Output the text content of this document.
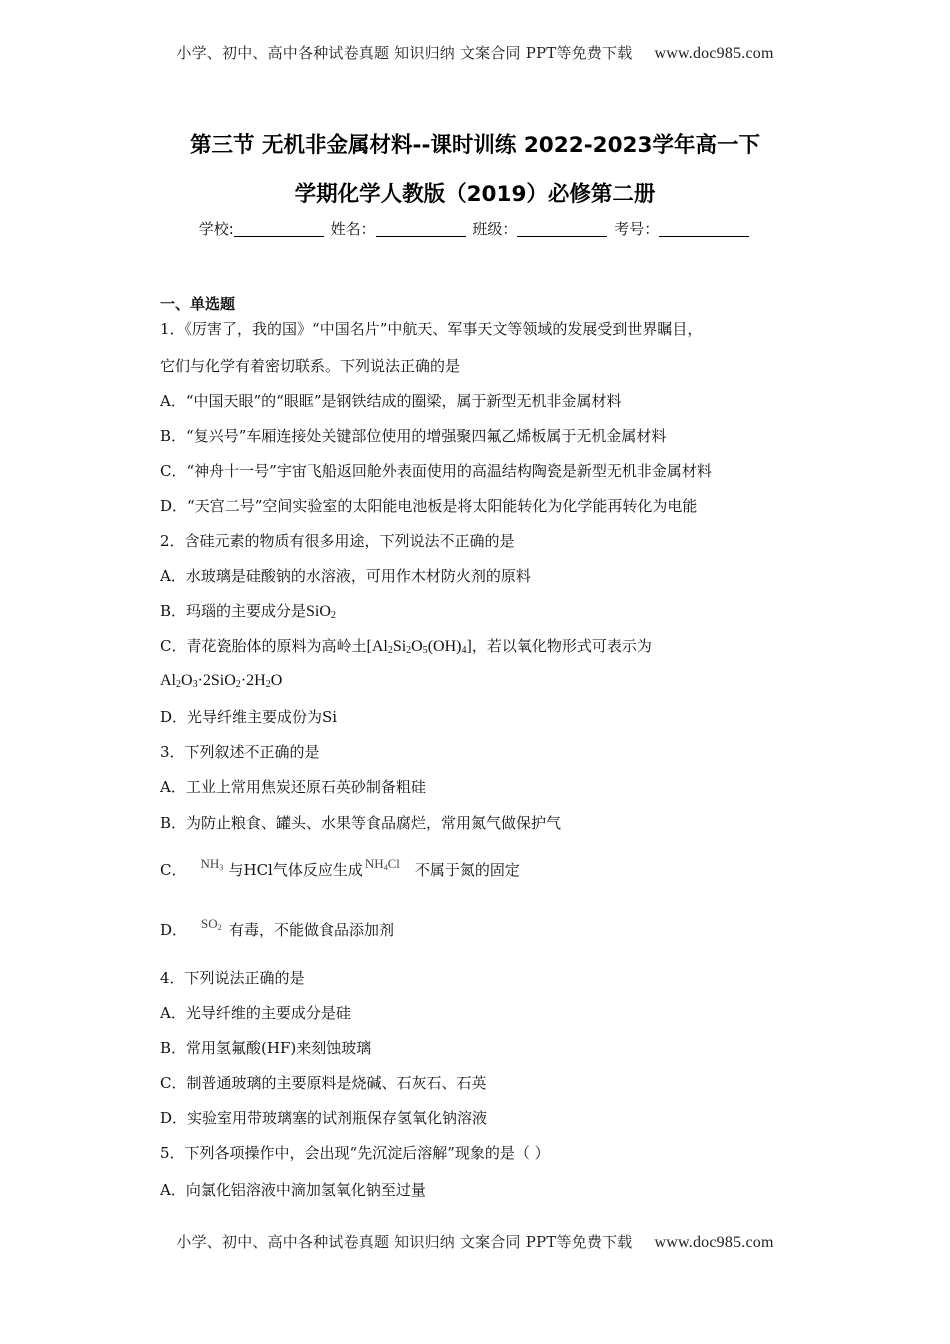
小学、初中、高中各种试卷真题 知识归纳 文案合同 PPT等免费下载 www.doc985.com
第三节 无机非金属材料--课时训练 2022-2023学年高一下
学期化学人教版（2019）必修第二册
学校:	姓名：	班级：	考号：
一、单选题
1．《厉害了，我的国》“中国名片”中航天、军事天文等领域的发展受到世界瞩目，
它们与化学有着密切联系。下列说法正确的是
A．“中国天眼”的“眼眶”是钢铁结成的圈梁，属于新型无机非金属材料
B．“复兴号”车厢连接处关键部位使用的增强聚四氟乙烯板属于无机金属材料
C．“神舟十一号”宇宙飞船返回舱外表面使用的高温结构陶瓷是新型无机非金属材料
D．“天宫二号”空间实验室的太阳能电池板是将太阳能转化为化学能再转化为电能
2．含硅元素的物质有很多用途，下列说法不正确的是
A．水玻璃是硅酸钠的水溶液，可用作木材防火剂的原料
B．玛瑙的主要成分是SiO$_2$
C．青花瓷胎体的原料为高岭土$[Al_2Si_2O_5(OH)_4]$，若以氧化物形式可表示为
$Al_2O_3\cdot 2SiO_2\cdot 2H_2O$
D．光导纤维主要成份为Si
3．下列叙述不正确的是
A．工业上常用焦炭还原石英砂制备粗硅
B．为防止粮食、罐头、水果等食品腐烂，常用氮气做保护气
C． $NH_3$ 与HCl气体反应生成 $NH_4Cl$ 不属于氮的固定
D． $SO_2$ 有毒，不能做食品添加剂
4．下列说法正确的是
A．光导纤维的主要成分是硅
B．常用氢氟酸(HF)来刻蚀玻璃
C．制普通玻璃的主要原料是烧碱、石灰石、石英
D．实验室用带玻璃塞的试剂瓶保存氢氧化钠溶液
5．下列各项操作中，会出现“先沉淀后溶解”现象的是（ ）
A．向氯化铝溶液中滴加氢氧化钠至过量
小学、初中、高中各种试卷真题 知识归纳 文案合同 PPT等免费下载 www.doc985.com
